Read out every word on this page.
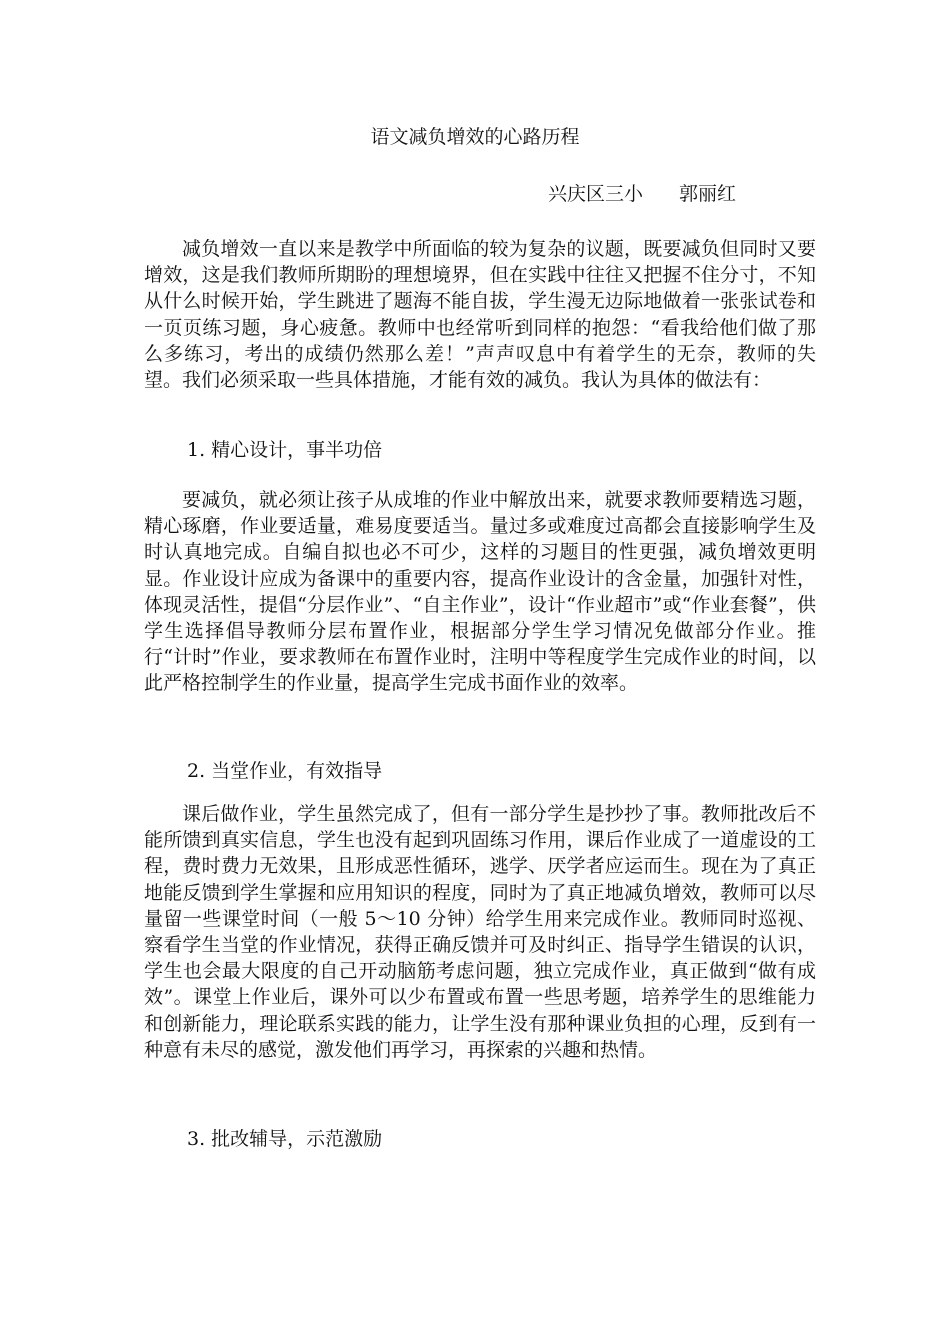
语文减负增效的心路历程
兴庆区三小 郭丽红

减负增效一直以来是教学中所面临的较为复杂的议题，既要减负但同时又要增效，这是我们教师所期盼的理想境界，但在实践中往往又把握不住分寸，不知从什么时候开始，学生跳进了题海不能自拔，学生漫无边际地做着一张张试卷和一页页练习题，身心疲惫。教师中也经常听到同样的抱怨：“看我给他们做了那么多练习，考出的成绩仍然那么差！”声声叹息中有着学生的无奈，教师的失望。我们必须采取一些具体措施，才能有效的减负。我认为具体的做法有：

1. 精心设计，事半功倍

要减负，就必须让孩子从成堆的作业中解放出来，就要求教师要精选习题，精心琢磨，作业要适量，难易度要适当。量过多或难度过高都会直接影响学生及时认真地完成。自编自拟也必不可少，这样的习题目的性更强，减负增效更明显。作业设计应成为备课中的重要内容，提高作业设计的含金量，加强针对性，体现灵活性，提倡“分层作业”、“自主作业”，设计“作业超市”或“作业套餐”，供学生选择倡导教师分层布置作业，根据部分学生学习情况免做部分作业。推行“计时”作业，要求教师在布置作业时，注明中等程度学生完成作业的时间，以此严格控制学生的作业量，提高学生完成书面作业的效率。

2. 当堂作业，有效指导

课后做作业，学生虽然完成了，但有一部分学生是抄抄了事。教师批改后不能所馈到真实信息，学生也没有起到巩固练习作用，课后作业成了一道虚设的工程，费时费力无效果，且形成恶性循环，逃学、厌学者应运而生。现在为了真正地能反馈到学生掌握和应用知识的程度，同时为了真正地减负增效，教师可以尽量留一些课堂时间（一般 5～10 分钟）给学生用来完成作业。教师同时巡视、察看学生当堂的作业情况，获得正确反馈并可及时纠正、指导学生错误的认识，学生也会最大限度的自己开动脑筋考虑问题，独立完成作业，真正做到“做有成效”。课堂上作业后，课外可以少布置或布置一些思考题，培养学生的思维能力和创新能力，理论联系实践的能力，让学生没有那种课业负担的心理，反到有一种意有未尽的感觉，激发他们再学习，再探索的兴趣和热情。

3. 批改辅导，示范激励
